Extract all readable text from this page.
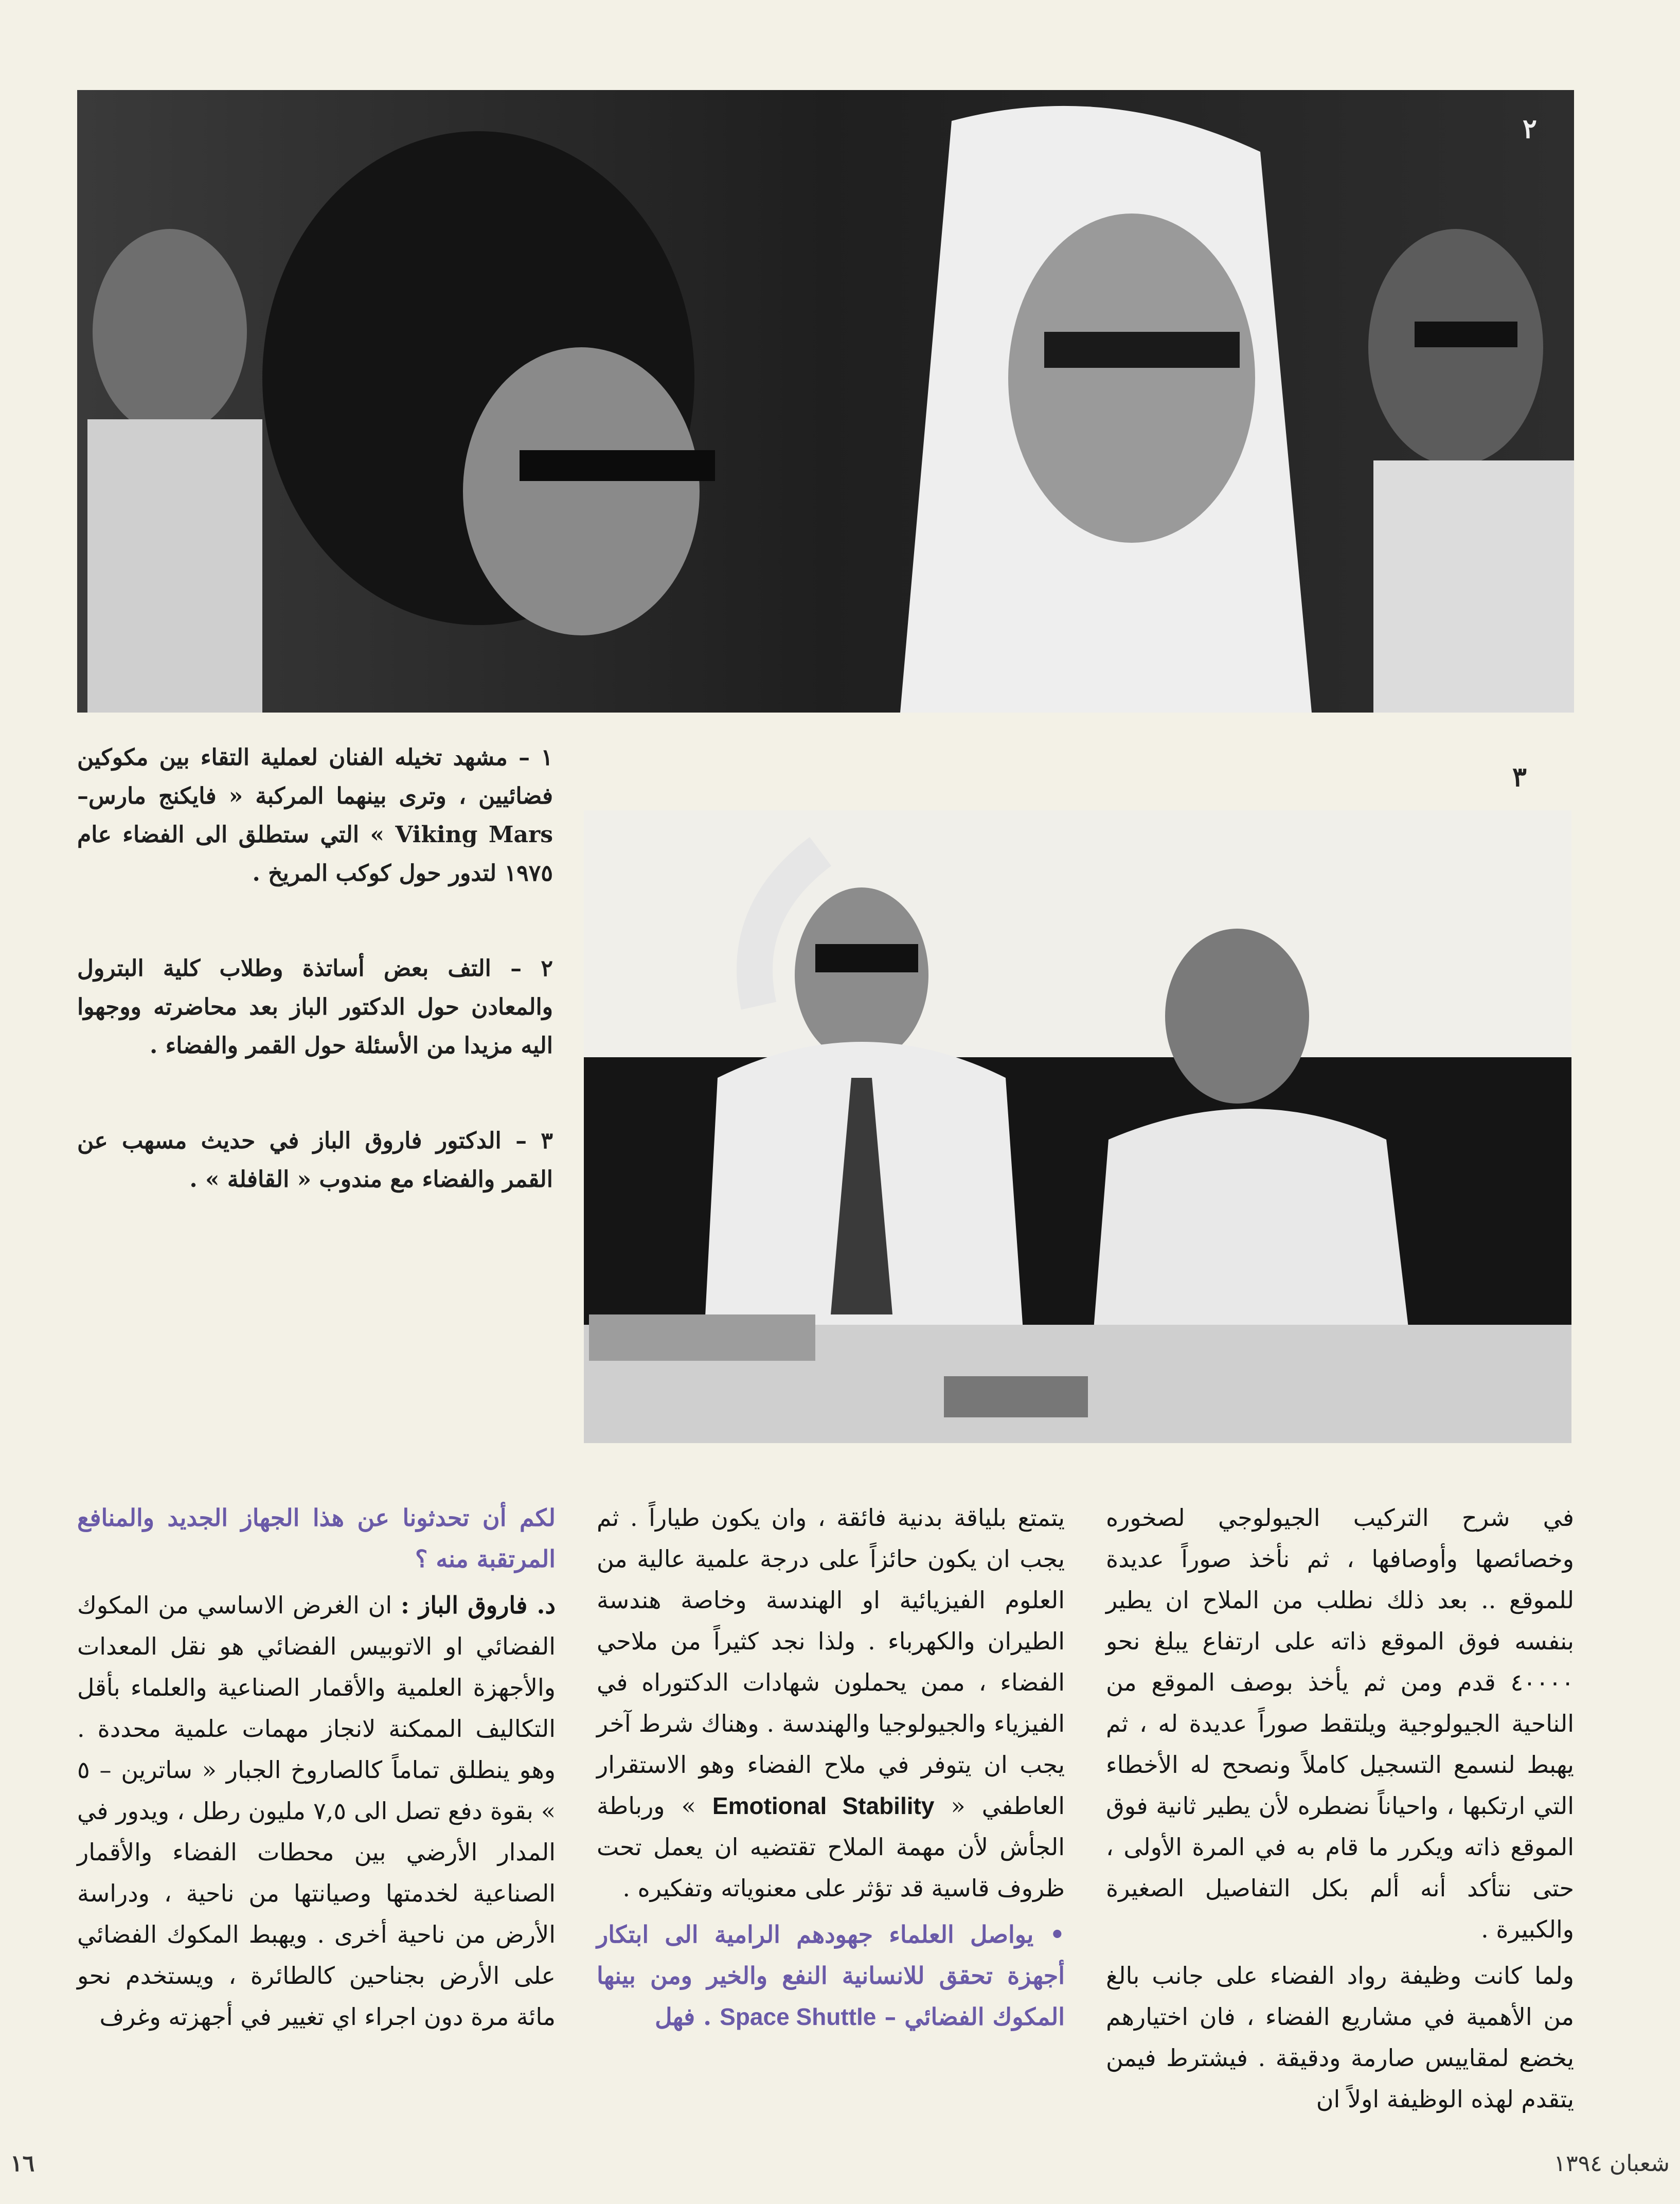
٢
١ – مشهد تخيله الفنان لعملية التقاء بين مكوكين فضائيين ، وترى بينهما المركبة « فايكنج مارس– Viking Mars » التي ستطلق الى الفضاء عام ١٩٧٥ لتدور حول كوكب المريخ .
٢ – التف بعض أساتذة وطلاب كلية البترول والمعادن حول الدكتور الباز بعد محاضرته ووجهوا اليه مزيدا من الأسئلة حول القمر والفضاء .
٣ – الدكتور فاروق الباز في حديث مسهب عن القمر والفضاء مع مندوب « القافلة » .
٣

في شرح التركيب الجيولوجي لصخوره وخصائصها وأوصافها ، ثم نأخذ صوراً عديدة للموقع .. بعد ذلك نطلب من الملاح ان يطير بنفسه فوق الموقع ذاته على ارتفاع يبلغ نحو ٤٠٠٠٠ قدم ومن ثم يأخذ بوصف الموقع من الناحية الجيولوجية ويلتقط صوراً عديدة له ، ثم يهبط لنسمع التسجيل كاملاً ونصحح له الأخطاء التي ارتكبها ، واحياناً نضطره لأن يطير ثانية فوق الموقع ذاته ويكرر ما قام به في المرة الأولى ، حتى نتأكد أنه ألم بكل التفاصيل الصغيرة والكبيرة .

ولما كانت وظيفة رواد الفضاء على جانب بالغ من الأهمية في مشاريع الفضاء ، فان اختيارهم يخضع لمقاييس صارمة ودقيقة . فيشترط فيمن يتقدم لهذه الوظيفة اولاً ان

يتمتع بلياقة بدنية فائقة ، وان يكون طياراً . ثم يجب ان يكون حائزاً على درجة علمية عالية من العلوم الفيزيائية او الهندسة وخاصة هندسة الطيران والكهرباء . ولذا نجد كثيراً من ملاحي الفضاء ، ممن يحملون شهادات الدكتوراه في الفيزياء والجيولوجيا والهندسة . وهناك شرط آخر يجب ان يتوفر في ملاح الفضاء وهو الاستقرار العاطفي « Emotional Stability » ورباطة الجأش لأن مهمة الملاح تقتضيه ان يعمل تحت ظروف قاسية قد تؤثر على معنوياته وتفكيره .

• يواصل العلماء جهودهم الرامية الى ابتكار أجهزة تحقق للانسانية النفع والخير ومن بينها المكوك الفضائي – Space Shuttle . فهل

لكم أن تحدثونا عن هذا الجهاز الجديد والمنافع المرتقبة منه ؟

د. فاروق الباز : ان الغرض الاساسي من المكوك الفضائي او الاتوبيس الفضائي هو نقل المعدات والأجهزة العلمية والأقمار الصناعية والعلماء بأقل التكاليف الممكنة لانجاز مهمات علمية محددة . وهو ينطلق تماماً كالصاروخ الجبار « ساترين – ٥ » بقوة دفع تصل الى ٧,٥ مليون رطل ، ويدور في المدار الأرضي بين محطات الفضاء والأقمار الصناعية لخدمتها وصيانتها من ناحية ، ودراسة الأرض من ناحية أخرى . ويهبط المكوك الفضائي على الأرض بجناحين كالطائرة ، ويستخدم نحو مائة مرة دون اجراء اي تغيير في أجهزته وغرف

١٦	شعبان ١٣٩٤
